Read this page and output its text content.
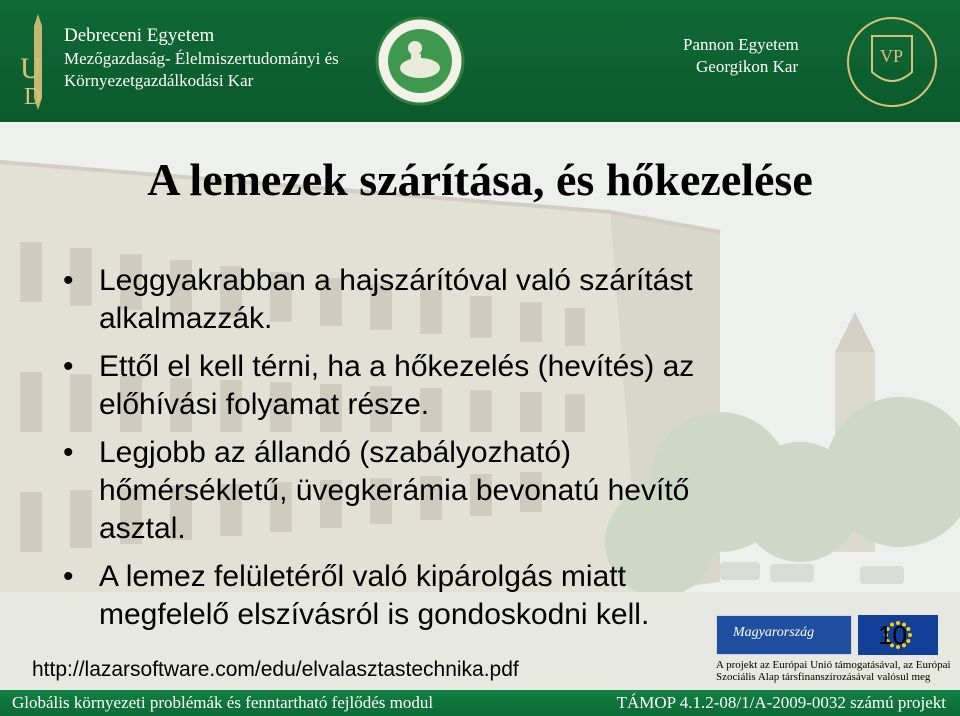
U
D
Debreceni Egyetem
Mezőgazdaság- Élelmiszertudományi és
Környezetgazdálkodási Kar
Pannon Egyetem
Georgikon Kar
VP
A lemezek szárítása, és hőkezelése
• Leggyakrabban a hajszárítóval való szárítást
alkalmazzák.
• Ettől el kell térni, ha a hőkezelés (hevítés) az
előhívási folyamat része.
• Legjobb az állandó (szabályozható)
hőmérsékletű, üvegkerámia bevonatú hevítő
asztal.
• A lemez felületéről való kipárolgás miatt
megfelelő elszívásról is gondoskodni kell.
Magyarország 10
A projekt az Európai Unió támogatásával, az Európai
Szociális Alap társfinanszírozásával valósul meg
http://lazarsoftware.com/edu/elvalasztastechnika.pdf
Globális környezeti problémák és fenntartható fejlődés modul	TÁMOP 4.1.2-08/1/A-2009-0032 számú projekt
